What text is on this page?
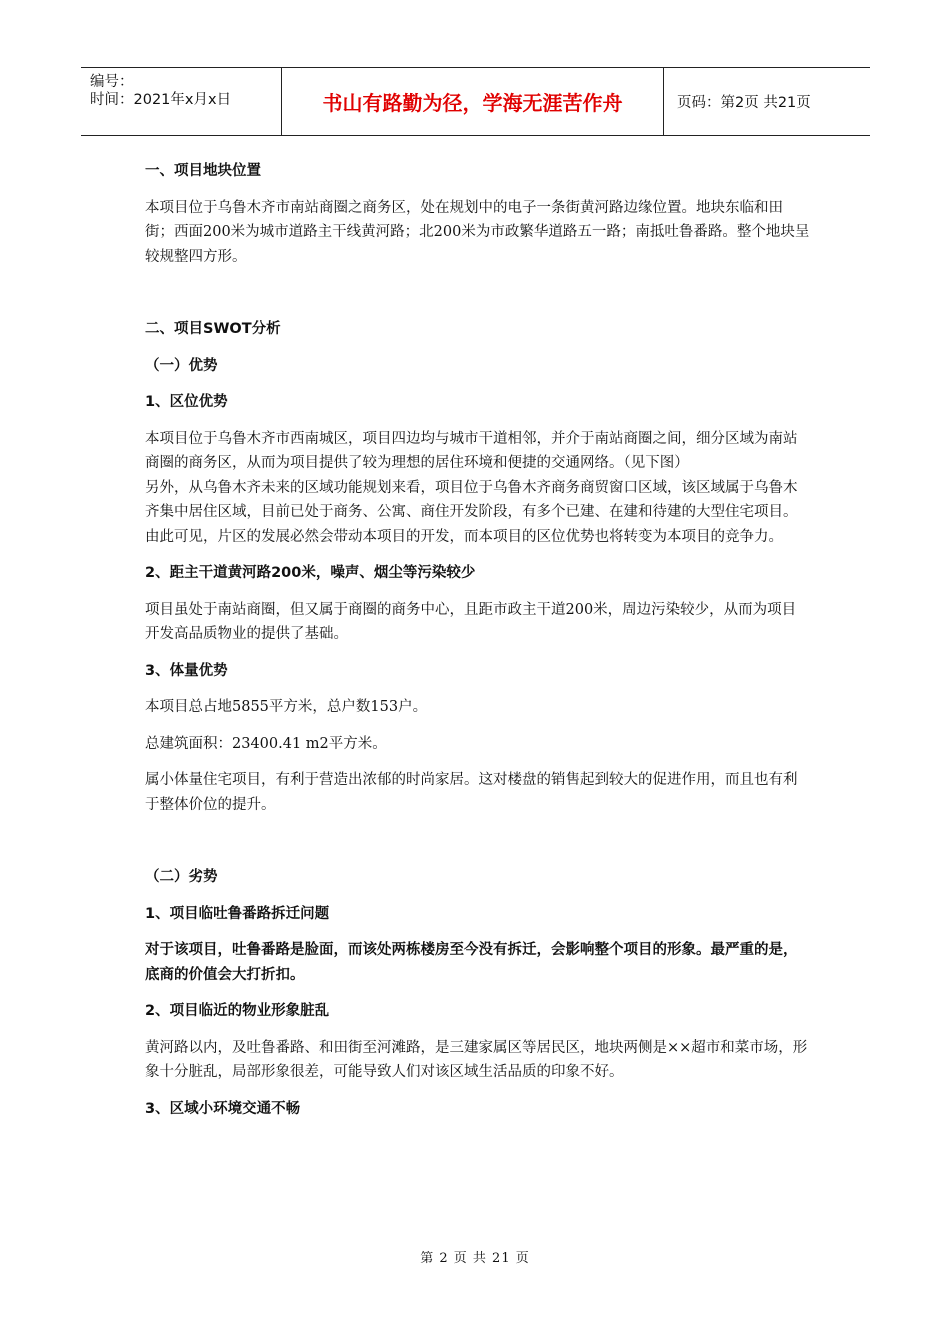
编号：
时间：2021年x月x日	书山有路勤为径，学海无涯苦作舟	页码：第2页 共21页

一、项目地块位置

本项目位于乌鲁木齐市南站商圈之商务区，处在规划中的电子一条街黄河路边缘位置。地块东临和田街；西面200米为城市道路主干线黄河路；北200米为市政繁华道路五一路；南抵吐鲁番路。整个地块呈较规整四方形。

二、项目SWOT分析

（一）优势

1、区位优势

本项目位于乌鲁木齐市西南城区，项目四边均与城市干道相邻，并介于南站商圈之间，细分区域为南站商圈的商务区，从而为项目提供了较为理想的居住环境和便捷的交通网络。（见下图）

另外，从乌鲁木齐未来的区域功能规划来看，项目位于乌鲁木齐商务商贸窗口区域，该区域属于乌鲁木齐集中居住区域，目前已处于商务、公寓、商住开发阶段，有多个已建、在建和待建的大型住宅项目。

由此可见，片区的发展必然会带动本项目的开发，而本项目的区位优势也将转变为本项目的竞争力。

2、距主干道黄河路200米，噪声、烟尘等污染较少

项目虽处于南站商圈，但又属于商圈的商务中心，且距市政主干道200米，周边污染较少，从而为项目开发高品质物业的提供了基础。

3、体量优势

本项目总占地5855平方米，总户数153户。

总建筑面积：23400.41 m2平方米。

属小体量住宅项目，有利于营造出浓郁的时尚家居。这对楼盘的销售起到较大的促进作用，而且也有利于整体价位的提升。

（二）劣势

1、项目临吐鲁番路拆迁问题

对于该项目，吐鲁番路是脸面，而该处两栋楼房至今没有拆迁，会影响整个项目的形象。最严重的是，底商的价值会大打折扣。

2、项目临近的物业形象脏乱

黄河路以内，及吐鲁番路、和田街至河滩路，是三建家属区等居民区，地块两侧是××超市和菜市场，形象十分脏乱，局部形象很差，可能导致人们对该区域生活品质的印象不好。

3、区域小环境交通不畅

第 2 页 共 21 页
